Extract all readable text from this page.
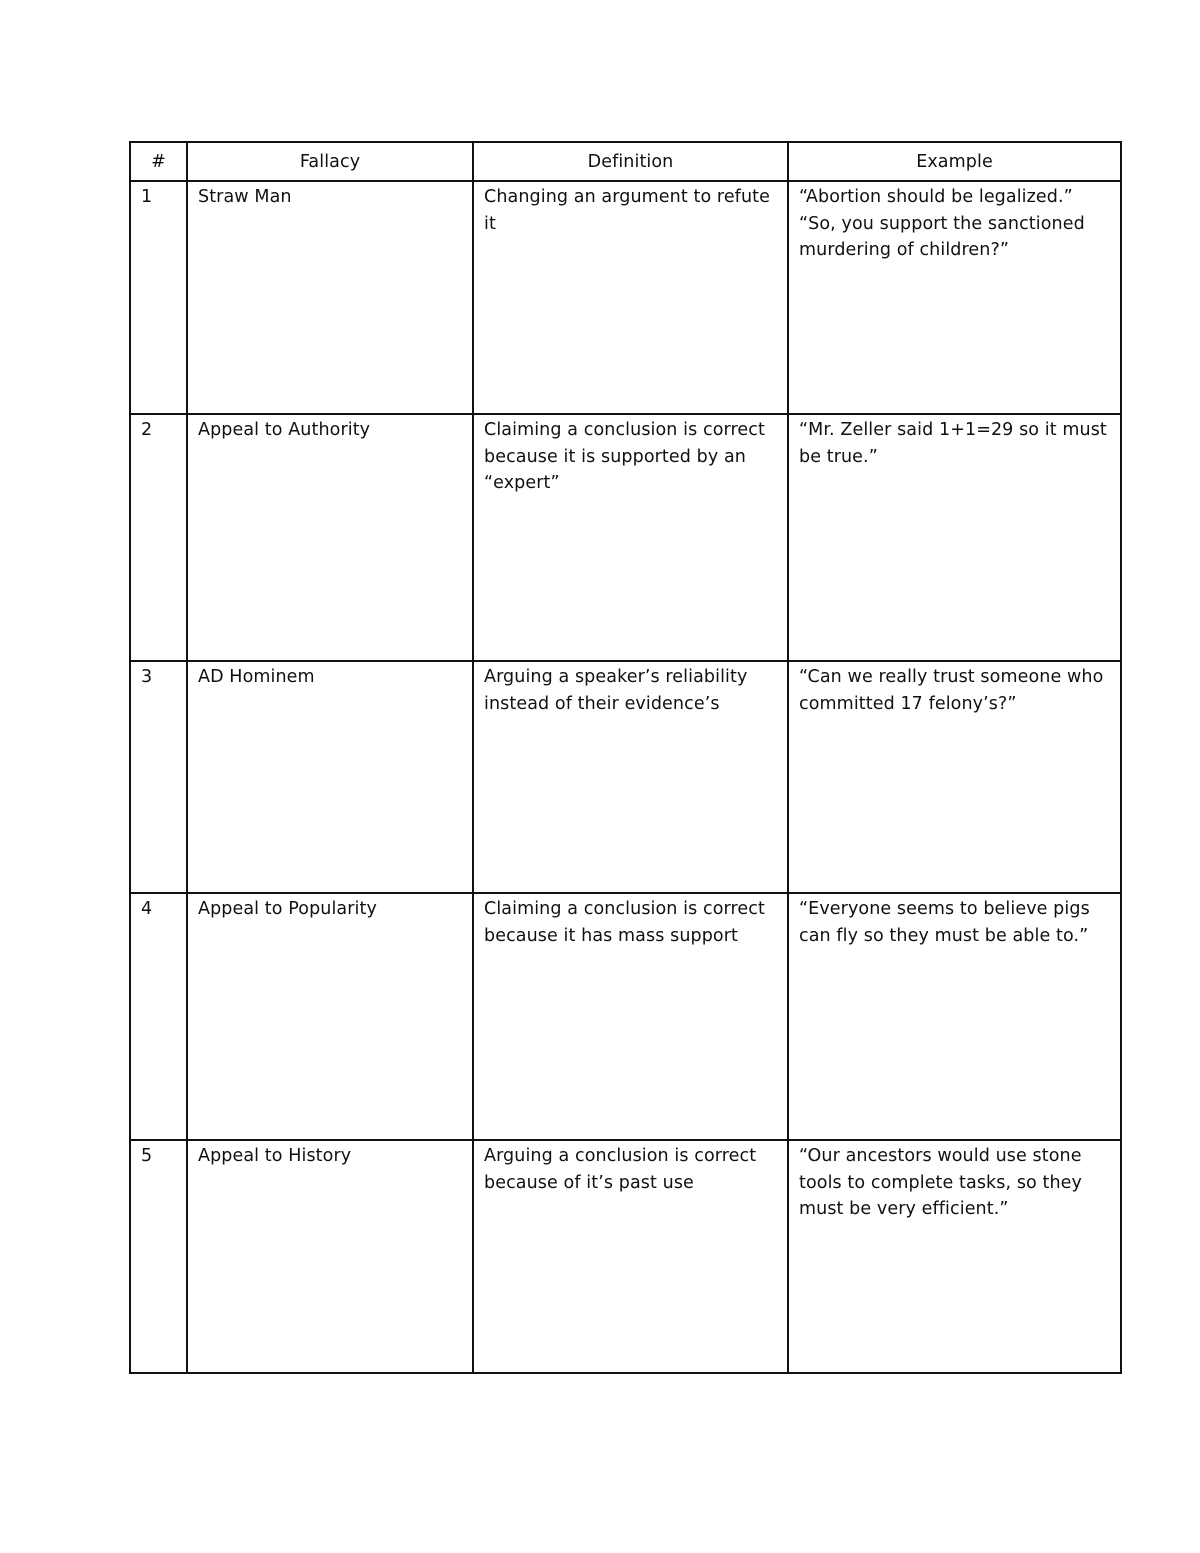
#	Fallacy	Definition	Example

1	Straw Man	Changing an argument to refute it	“Abortion should be legalized.” “So, you support the sanctioned murdering of children?”

2	Appeal to Authority	Claiming a conclusion is correct because it is supported by an “expert”	“Mr. Zeller said 1+1=29 so it must be true.”

3	AD Hominem	Arguing a speaker’s reliability instead of their evidence’s	“Can we really trust someone who committed 17 felony’s?”

4	Appeal to Popularity	Claiming a conclusion is correct because it has mass support	“Everyone seems to believe pigs can fly so they must be able to.”

5	Appeal to History	Arguing a conclusion is correct because of it’s past use	“Our ancestors would use stone tools to complete tasks, so they must be very efficient.”
